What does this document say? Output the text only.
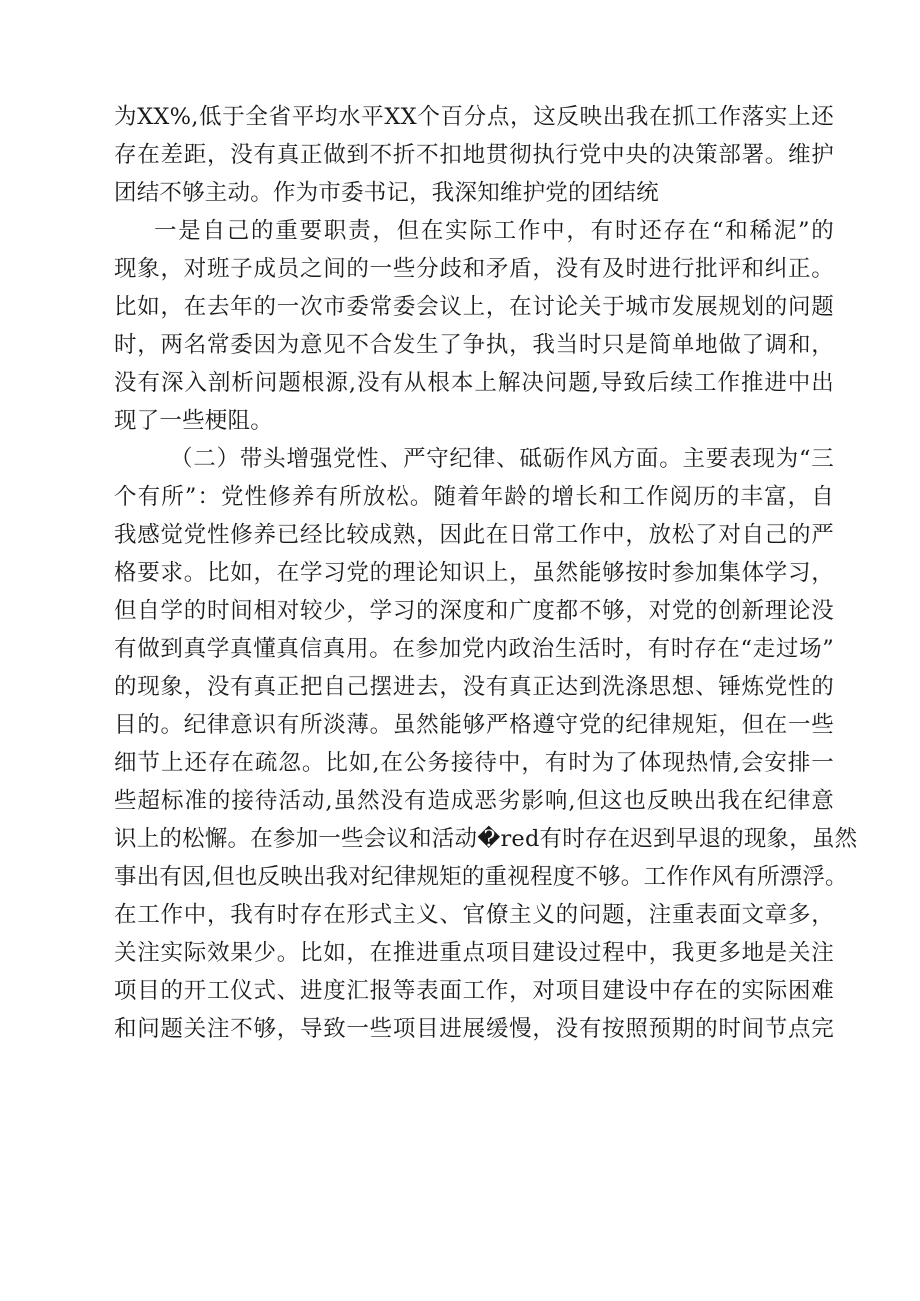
为XX%,低于全省平均水平XX个百分点，这反映出我在抓工作落实上还
存在差距，没有真正做到不折不扣地贯彻执行党中央的决策部署。维护
团结不够主动。作为市委书记，我深知维护党的团结统
一是自己的重要职责，但在实际工作中，有时还存在“和稀泥”的
现象，对班子成员之间的一些分歧和矛盾，没有及时进行批评和纠正。
比如，在去年的一次市委常委会议上，在讨论关于城市发展规划的问题
时，两名常委因为意见不合发生了争执，我当时只是简单地做了调和，
没有深入剖析问题根源,没有从根本上解决问题,导致后续工作推进中出
现了一些梗阻。
（二）带头增强党性、严守纪律、砥砺作风方面。主要表现为“三
个有所”：党性修养有所放松。随着年龄的增长和工作阅历的丰富，自
我感觉党性修养已经比较成熟，因此在日常工作中，放松了对自己的严
格要求。比如，在学习党的理论知识上，虽然能够按时参加集体学习，
但自学的时间相对较少，学习的深度和广度都不够，对党的创新理论没
有做到真学真懂真信真用。在参加党内政治生活时，有时存在“走过场”
的现象，没有真正把自己摆进去，没有真正达到洗涤思想、锤炼党性的
目的。纪律意识有所淡薄。虽然能够严格遵守党的纪律规矩，但在一些
细节上还存在疏忽。比如,在公务接待中，有时为了体现热情,会安排一
些超标准的接待活动,虽然没有造成恶劣影响,但这也反映出我在纪律意
识上的松懈。在参加一些会议和活动�red有时存在迟到早退的现象，虽然
事出有因,但也反映出我对纪律规矩的重视程度不够。工作作风有所漂浮。
在工作中，我有时存在形式主义、官僚主义的问题，注重表面文章多，
关注实际效果少。比如，在推进重点项目建设过程中，我更多地是关注
项目的开工仪式、进度汇报等表面工作，对项目建设中存在的实际困难
和问题关注不够，导致一些项目进展缓慢，没有按照预期的时间节点完
